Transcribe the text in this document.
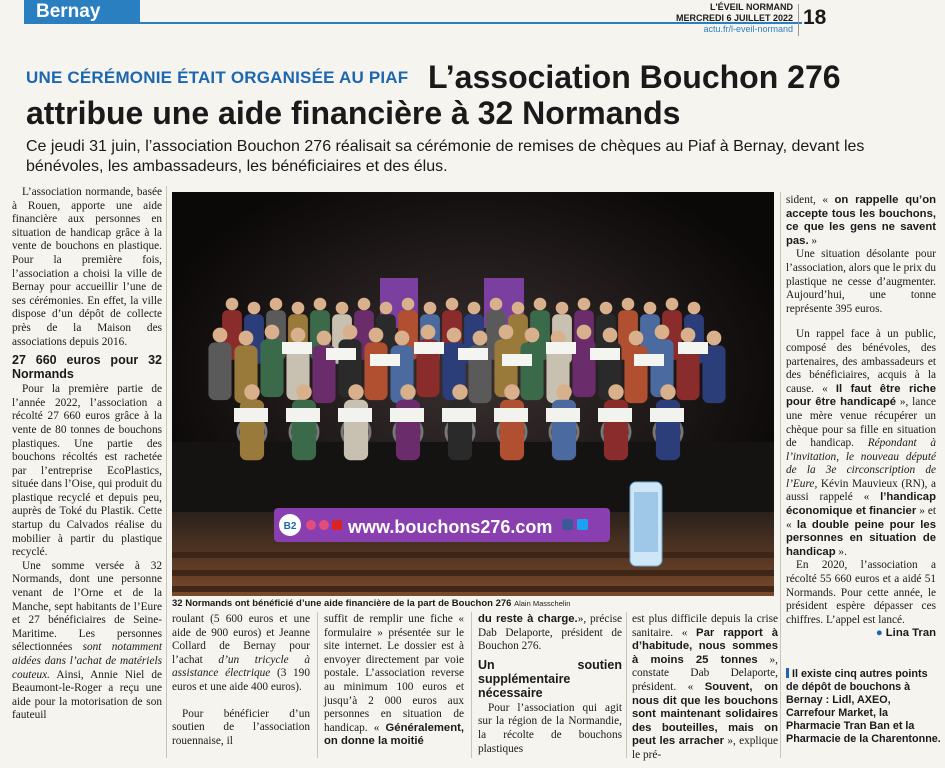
Bernay	L'ÉVEIL NORMAND
MERCREDI 6 JUILLET 2022
actu.fr/l-eveil-normand 18
UNE CÉRÉMONIE ÉTAIT ORGANISÉE AU PIAF L’association Bouchon 276
attribue une aide financière à 32 Normands
Ce jeudi 31 juin, l’association Bouchon 276 réalisait sa cérémonie de remises de chèques au Piaf à Bernay, devant les bénévoles, les ambassadeurs, les bénéficiaires et des élus.

L’association normande, basée à Rouen, apporte une aide financière aux personnes en situation de handicap grâce à la vente de bouchons en plastique. Pour la première fois, l’association a choisi la ville de Bernay pour accueillir l’une de ses cérémonies. En effet, la ville dispose d’un dépôt de collecte près de la Maison des associations depuis 2016.

27 660 euros pour 32 Normands

Pour la première partie de l’année 2022, l’association a récolté 27 660 euros grâce à la vente de 80 tonnes de bouchons plastiques. Une partie des bouchons récoltés est rachetée par l’entreprise EcoPlastics, située dans l’Oise, qui produit du plastique recyclé et depuis peu, auprès de Toké du Plastik. Cette startup du Calvados réalise du mobilier à partir du plastique recyclé.

Une somme versée à 32 Normands, dont une personne venant de l’Orne et de la Manche, sept habitants de l’Eure et 27 bénéficiaires de Seine-Maritime. Les personnes sélectionnées sont notamment aidées dans l’achat de matériels couteux. Ainsi, Annie Niel de Beaumont-le-Roger a reçu une aide pour la motorisation de son fauteuil

B2	www.bouchons276.com
32 Normands ont bénéficié d’une aide financière de la part de Bouchon 276 Alain Masschelin

roulant (5 600 euros et une aide de 900 euros) et Jeanne Collard de Bernay pour l’achat d’un tricycle à assistance électrique (3 190 euros et une aide 400 euros).

Pour bénéficier d’un soutien de l’association rouennaise, il

suffit de remplir une fiche « formulaire » présentée sur le site internet. Le dossier est à envoyer directement par voie postale. L’association reverse au minimum 100 euros et jusqu’à 2 000 euros aux personnes en situation de handicap. « Généralement, on donne la moitié

du reste à charge.», précise Dab Delaporte, président de Bouchon 276.

Un soutien supplémentaire nécessaire

Pour l’association qui agit sur la région de la Normandie, la récolte de bouchons plastiques

est plus difficile depuis la crise sanitaire. « Par rapport à d’habitude, nous sommes à moins 25 tonnes », constate Dab Delaporte, président. « Souvent, on nous dit que les bouchons sont maintenant solidaires des bouteilles, mais on peut les arracher », explique le pré-

sident, « on rappelle qu’on accepte tous les bouchons, ce que les gens ne savent pas. »

Une situation désolante pour l’association, alors que le prix du plastique ne cesse d’augmenter. Aujourd’hui, une tonne représente 395 euros.

Un rappel face à un public, composé des bénévoles, des partenaires, des ambassadeurs et des bénéficiaires, acquis à la cause. « Il faut être riche pour être handicapé », lance une mère venue récupérer un chèque pour sa fille en situation de handicap. Répondant à l’invitation, le nouveau député de la 3e circonscription de l’Eure, Kévin Mauvieux (RN), a aussi rappelé « l’handicap économique et financier » et « la double peine pour les personnes en situation de handicap ».

En 2020, l’association a récolté 55 660 euros et a aidé 51 Normands. Pour cette année, le président espère dépasser ces chiffres. L’appel est lancé.

● Lina Tran
Il existe cinq autres points de dépôt de bouchons à Bernay : Lidl, AXEO, Carrefour Market, la Pharmacie Tran Ban et la Pharmacie de la Charentonne.
